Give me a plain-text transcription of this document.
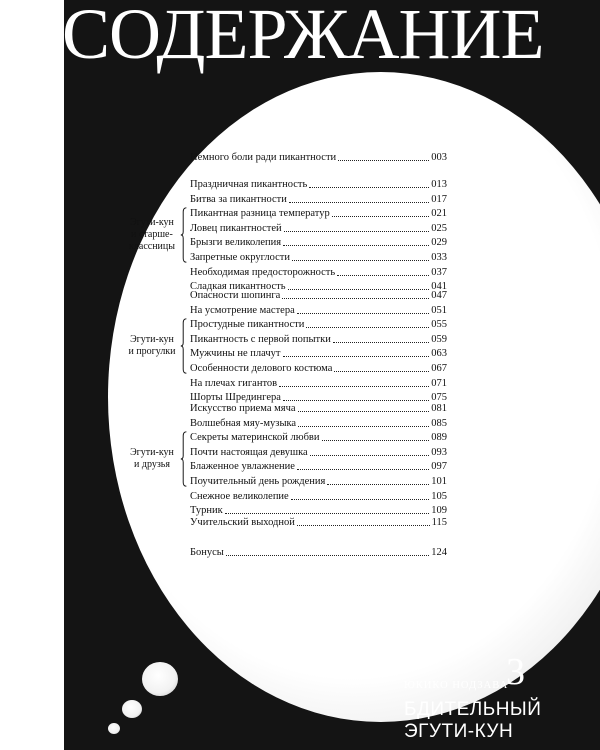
СОДЕРЖАНИЕ
ЮКИКО НОДЗАВА
3
БДИТЕЛЬНЫЙ
ЭГУТИ-КУН
Немного боли ради пикантности	003
Праздничная пикантность	013
Битва за пикантности	017
Пикантная разница температур	021
Ловец пикантностей	025
Брызги великолепия	029
Запретные округлости	033
Необходимая предосторожность	037
Сладкая пикантность	041
Эгути-кун
и старше-
классницы
Опасности шопинга	047
На усмотрение мастера	051
Простудные пикантности	055
Пикантность с первой попытки	059
Мужчины не плачут	063
Особенности делового костюма	067
На плечах гигантов	071
Шорты Шредингера	075
Эгути-кун
и прогулки
Искусство приема мяча	081
Волшебная мяу-музыка	085
Секреты материнской любви	089
Почти настоящая девушка	093
Блаженное увлажнение	097
Поучительный день рождения	101
Снежное великолепие	105
Турник	109
Эгути-кун
и друзья
Учительский выходной	115
Бонусы	124
